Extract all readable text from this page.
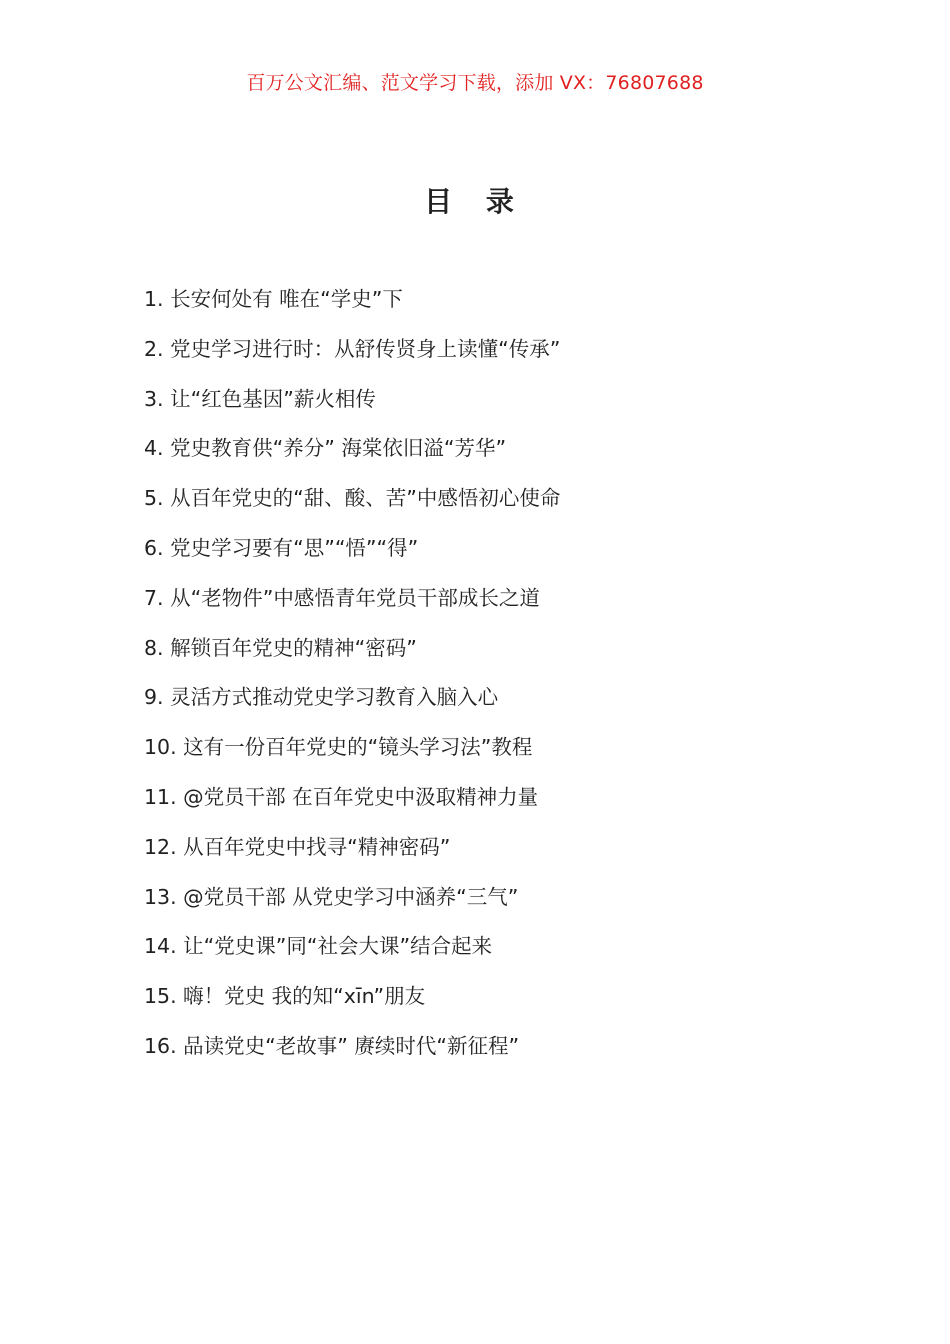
百万公文汇编、范文学习下载，添加 VX：76807688
目 录
1. 长安何处有 唯在“学史”下
2. 党史学习进行时：从舒传贤身上读懂“传承”
3. 让“红色基因”薪火相传
4. 党史教育供“养分” 海棠依旧溢“芳华”
5. 从百年党史的“甜、酸、苦”中感悟初心使命
6. 党史学习要有“思”“悟”“得”
7. 从“老物件”中感悟青年党员干部成长之道
8. 解锁百年党史的精神“密码”
9. 灵活方式推动党史学习教育入脑入心
10. 这有一份百年党史的“镜头学习法”教程
11. @党员干部 在百年党史中汲取精神力量
12. 从百年党史中找寻“精神密码”
13. @党员干部 从党史学习中涵养“三气”
14. 让“党史课”同“社会大课”结合起来
15. 嗨！党史 我的知“xīn”朋友
16. 品读党史“老故事” 赓续时代“新征程”
